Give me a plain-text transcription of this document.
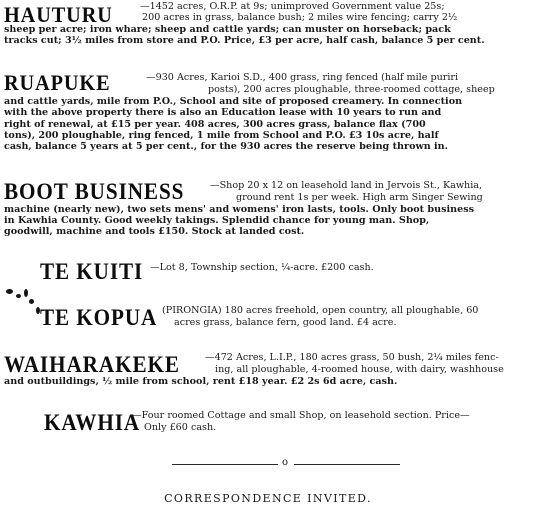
HAUTURU	—1452 acres, O.R.P. at 9s; unimproved Government value 25s;
200 acres in grass, balance bush; 2 miles wire fencing; carry 2½
sheep per acre; iron whare; sheep and cattle yards; can muster on horseback; pack
tracks cut; 3½ miles from store and P.O. Price, £3 per acre, half cash, balance 5 per cent.
RUAPUKE	—930 Acres, Karioi S.D., 400 grass, ring fenced (half mile puriri
posts), 200 acres ploughable, three-roomed cottage, sheep
and cattle yards, mile from P.O., School and site of proposed creamery. In connection
with the above property there is also an Education lease with 10 years to run and
right of renewal, at £15 per year. 408 acres, 300 acres grass, balance flax (700
tons), 200 ploughable, ring fenced, 1 mile from School and P.O. £3 10s acre, half
cash, balance 5 years at 5 per cent., for the 930 acres the reserve being thrown in.
BOOT BUSINESS	—Shop 20 x 12 on leasehold land in Jervois St., Kawhia,
ground rent 1s per week. High arm Singer Sewing
machine (nearly new), two sets mens' and womens' iron lasts, tools. Only boot business
in Kawhia County. Good weekly takings. Splendid chance for young man. Shop,
goodwill, machine and tools £150. Stock at landed cost.
TE KUITI —Lot 8, Township section, ¼-acre. £200 cash.
TE KOPUA (PIRONGIA) 180 acres freehold, open country, all ploughable, 60
acres grass, balance fern, good land. £4 acre.
WAIHARAKEKE	—472 Acres, L.I.P., 180 acres grass, 50 bush, 2¼ miles fenc-
ing, all ploughable, 4-roomed house, with dairy, washhouse
and outbuildings, ½ mile from school, rent £18 year. £2 2s 6d acre, cash.
KAWHIA
—Four roomed Cottage and small Shop, on leasehold section. Price—
Only £60 cash.
o
CORRESPONDENCE INVITED.
